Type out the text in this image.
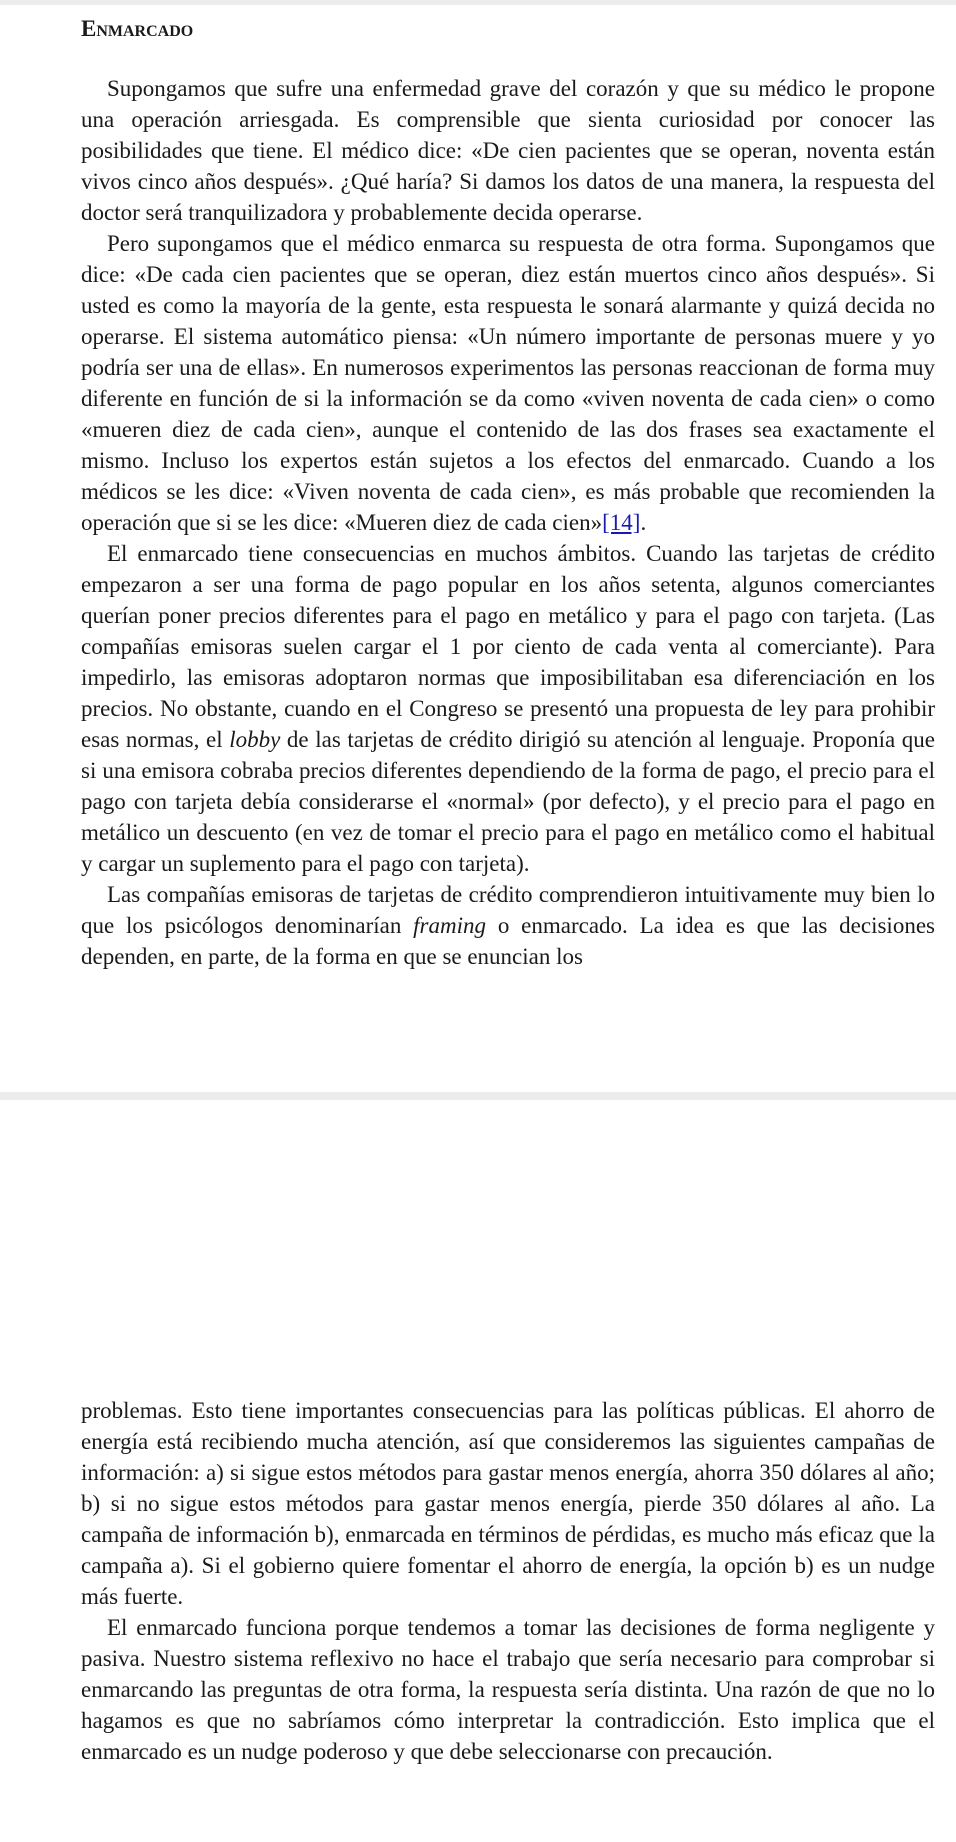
Enmarcado

Supongamos que sufre una enfermedad grave del corazón y que su médico le propone una operación arriesgada. Es comprensible que sienta curiosidad por conocer las posibilidades que tiene. El médico dice: «De cien pacientes que se operan, noventa están vivos cinco años después». ¿Qué haría? Si damos los datos de una manera, la respuesta del doctor será tranquilizadora y probablemente decida operarse.

Pero supongamos que el médico enmarca su respuesta de otra forma. Supongamos que dice: «De cada cien pacientes que se operan, diez están muertos cinco años después». Si usted es como la mayoría de la gente, esta respuesta le sonará alarmante y quizá decida no operarse. El sistema automático piensa: «Un número importante de personas muere y yo podría ser una de ellas». En numerosos experimentos las personas reaccionan de forma muy diferente en función de si la información se da como «viven noventa de cada cien» o como «mueren diez de cada cien», aunque el contenido de las dos frases sea exactamente el mismo. Incluso los expertos están sujetos a los efectos del enmarcado. Cuando a los médicos se les dice: «Viven noventa de cada cien», es más probable que recomienden la operación que si se les dice: «Mueren diez de cada cien»[14].

El enmarcado tiene consecuencias en muchos ámbitos. Cuando las tarjetas de crédito empezaron a ser una forma de pago popular en los años setenta, algunos comerciantes querían poner precios diferentes para el pago en metálico y para el pago con tarjeta. (Las compañías emisoras suelen cargar el 1 por ciento de cada venta al comerciante). Para impedirlo, las emisoras adoptaron normas que imposibilitaban esa diferenciación en los precios. No obstante, cuando en el Congreso se presentó una propuesta de ley para prohibir esas normas, el lobby de las tarjetas de crédito dirigió su atención al lenguaje. Proponía que si una emisora cobraba precios diferentes dependiendo de la forma de pago, el precio para el pago con tarjeta debía considerarse el «normal» (por defecto), y el precio para el pago en metálico un descuento (en vez de tomar el precio para el pago en metálico como el habitual y cargar un suplemento para el pago con tarjeta).

Las compañías emisoras de tarjetas de crédito comprendieron intuitivamente muy bien lo que los psicólogos denominarían framing o enmarcado. La idea es que las decisiones dependen, en parte, de la forma en que se enuncian los

problemas. Esto tiene importantes consecuencias para las políticas públicas. El ahorro de energía está recibiendo mucha atención, así que consideremos las siguientes campañas de información: a) si sigue estos métodos para gastar menos energía, ahorra 350 dólares al año; b) si no sigue estos métodos para gastar menos energía, pierde 350 dólares al año. La campaña de información b), enmarcada en términos de pérdidas, es mucho más eficaz que la campaña a). Si el gobierno quiere fomentar el ahorro de energía, la opción b) es un nudge más fuerte.

El enmarcado funciona porque tendemos a tomar las decisiones de forma negligente y pasiva. Nuestro sistema reflexivo no hace el trabajo que sería necesario para comprobar si enmarcando las preguntas de otra forma, la respuesta sería distinta. Una razón de que no lo hagamos es que no sabríamos cómo interpretar la contradicción. Esto implica que el enmarcado es un nudge poderoso y que debe seleccionarse con precaución.
